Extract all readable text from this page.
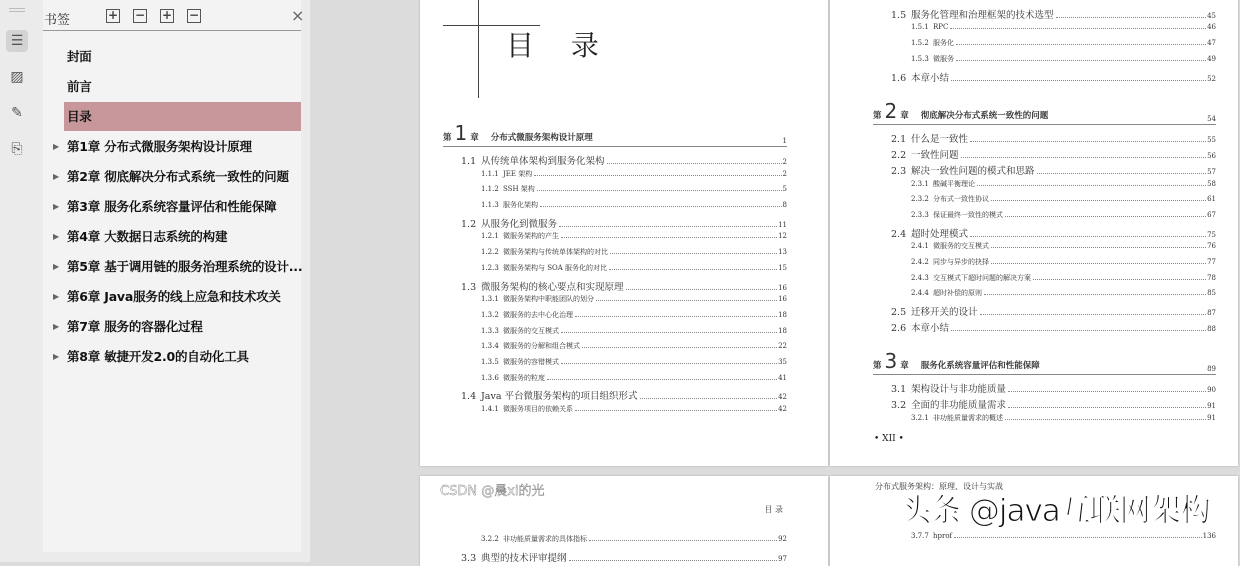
☰
▨
✎
⎘
书签	+ − + −	×
封面
前言
目录
▶ 第1章 分布式微服务架构设计原理
▶ 第2章 彻底解决分布式系统一致性的问题
▶ 第3章 服务化系统容量评估和性能保障
▶ 第4章 大数据日志系统的构建
▶ 第5章 基于调用链的服务治理系统的设计...
▶ 第6章 Java服务的线上应急和技术攻关
▶ 第7章 服务的容器化过程
▶ 第8章 敏捷开发2.0的自动化工具
目 录
第 1 章 分布式微服务架构设计原理	1
1.1 从传统单体架构到服务化架构	2
1.1.1 JEE 架构	2
1.1.2 SSH 架构	5
1.1.3 服务化架构	8
1.2 从服务化到微服务	11
1.2.1 微服务架构的产生	12
1.2.2 微服务架构与传统单体架构的对比	13
1.2.3 微服务架构与 SOA 服务化的对比	15
1.3 微服务架构的核心要点和实现原理	16
1.3.1 微服务架构中职能团队的划分	16
1.3.2 微服务的去中心化治理	18
1.3.3 微服务的交互模式	18
1.3.4 微服务的分解和组合模式	22
1.3.5 微服务的容错模式	35
1.3.6 微服务的粒度	41
1.4 Java 平台微服务架构的项目组织形式	42
1.4.1 微服务项目的依赖关系	42
1.5 服务化管理和治理框架的技术选型	45
1.5.1 RPC	46
1.5.2 服务化	47
1.5.3 微服务	49
1.6 本章小结	52
第 2 章 彻底解决分布式系统一致性的问题	54
2.1 什么是一致性	55
2.2 一致性问题	56
2.3 解决一致性问题的模式和思路	57
2.3.1 酸碱平衡理论	58
2.3.2 分布式一致性协议	61
2.3.3 保证最终一致性的模式	67
2.4 超时处理模式	75
2.4.1 微服务的交互模式	76
2.4.2 同步与异步的抉择	77
2.4.3 交互模式下超时问题的解决方案	78
2.4.4 超时补偿的原则	85
2.5 迁移开关的设计	87
2.6 本章小结	88
第 3 章 服务化系统容量评估和性能保障	89
3.1 架构设计与非功能质量	90
3.2 全面的非功能质量需求	91
3.2.1 非功能质量需求的概述	91
• XII •
目 录
3.2.2 非功能质量需求的具体指标	92
3.3 典型的技术评审提纲	97
分布式服务架构：原理、设计与实战
3.7.7 hprof	136
头条 @java互联网架构
CSDN @晨xi的光
